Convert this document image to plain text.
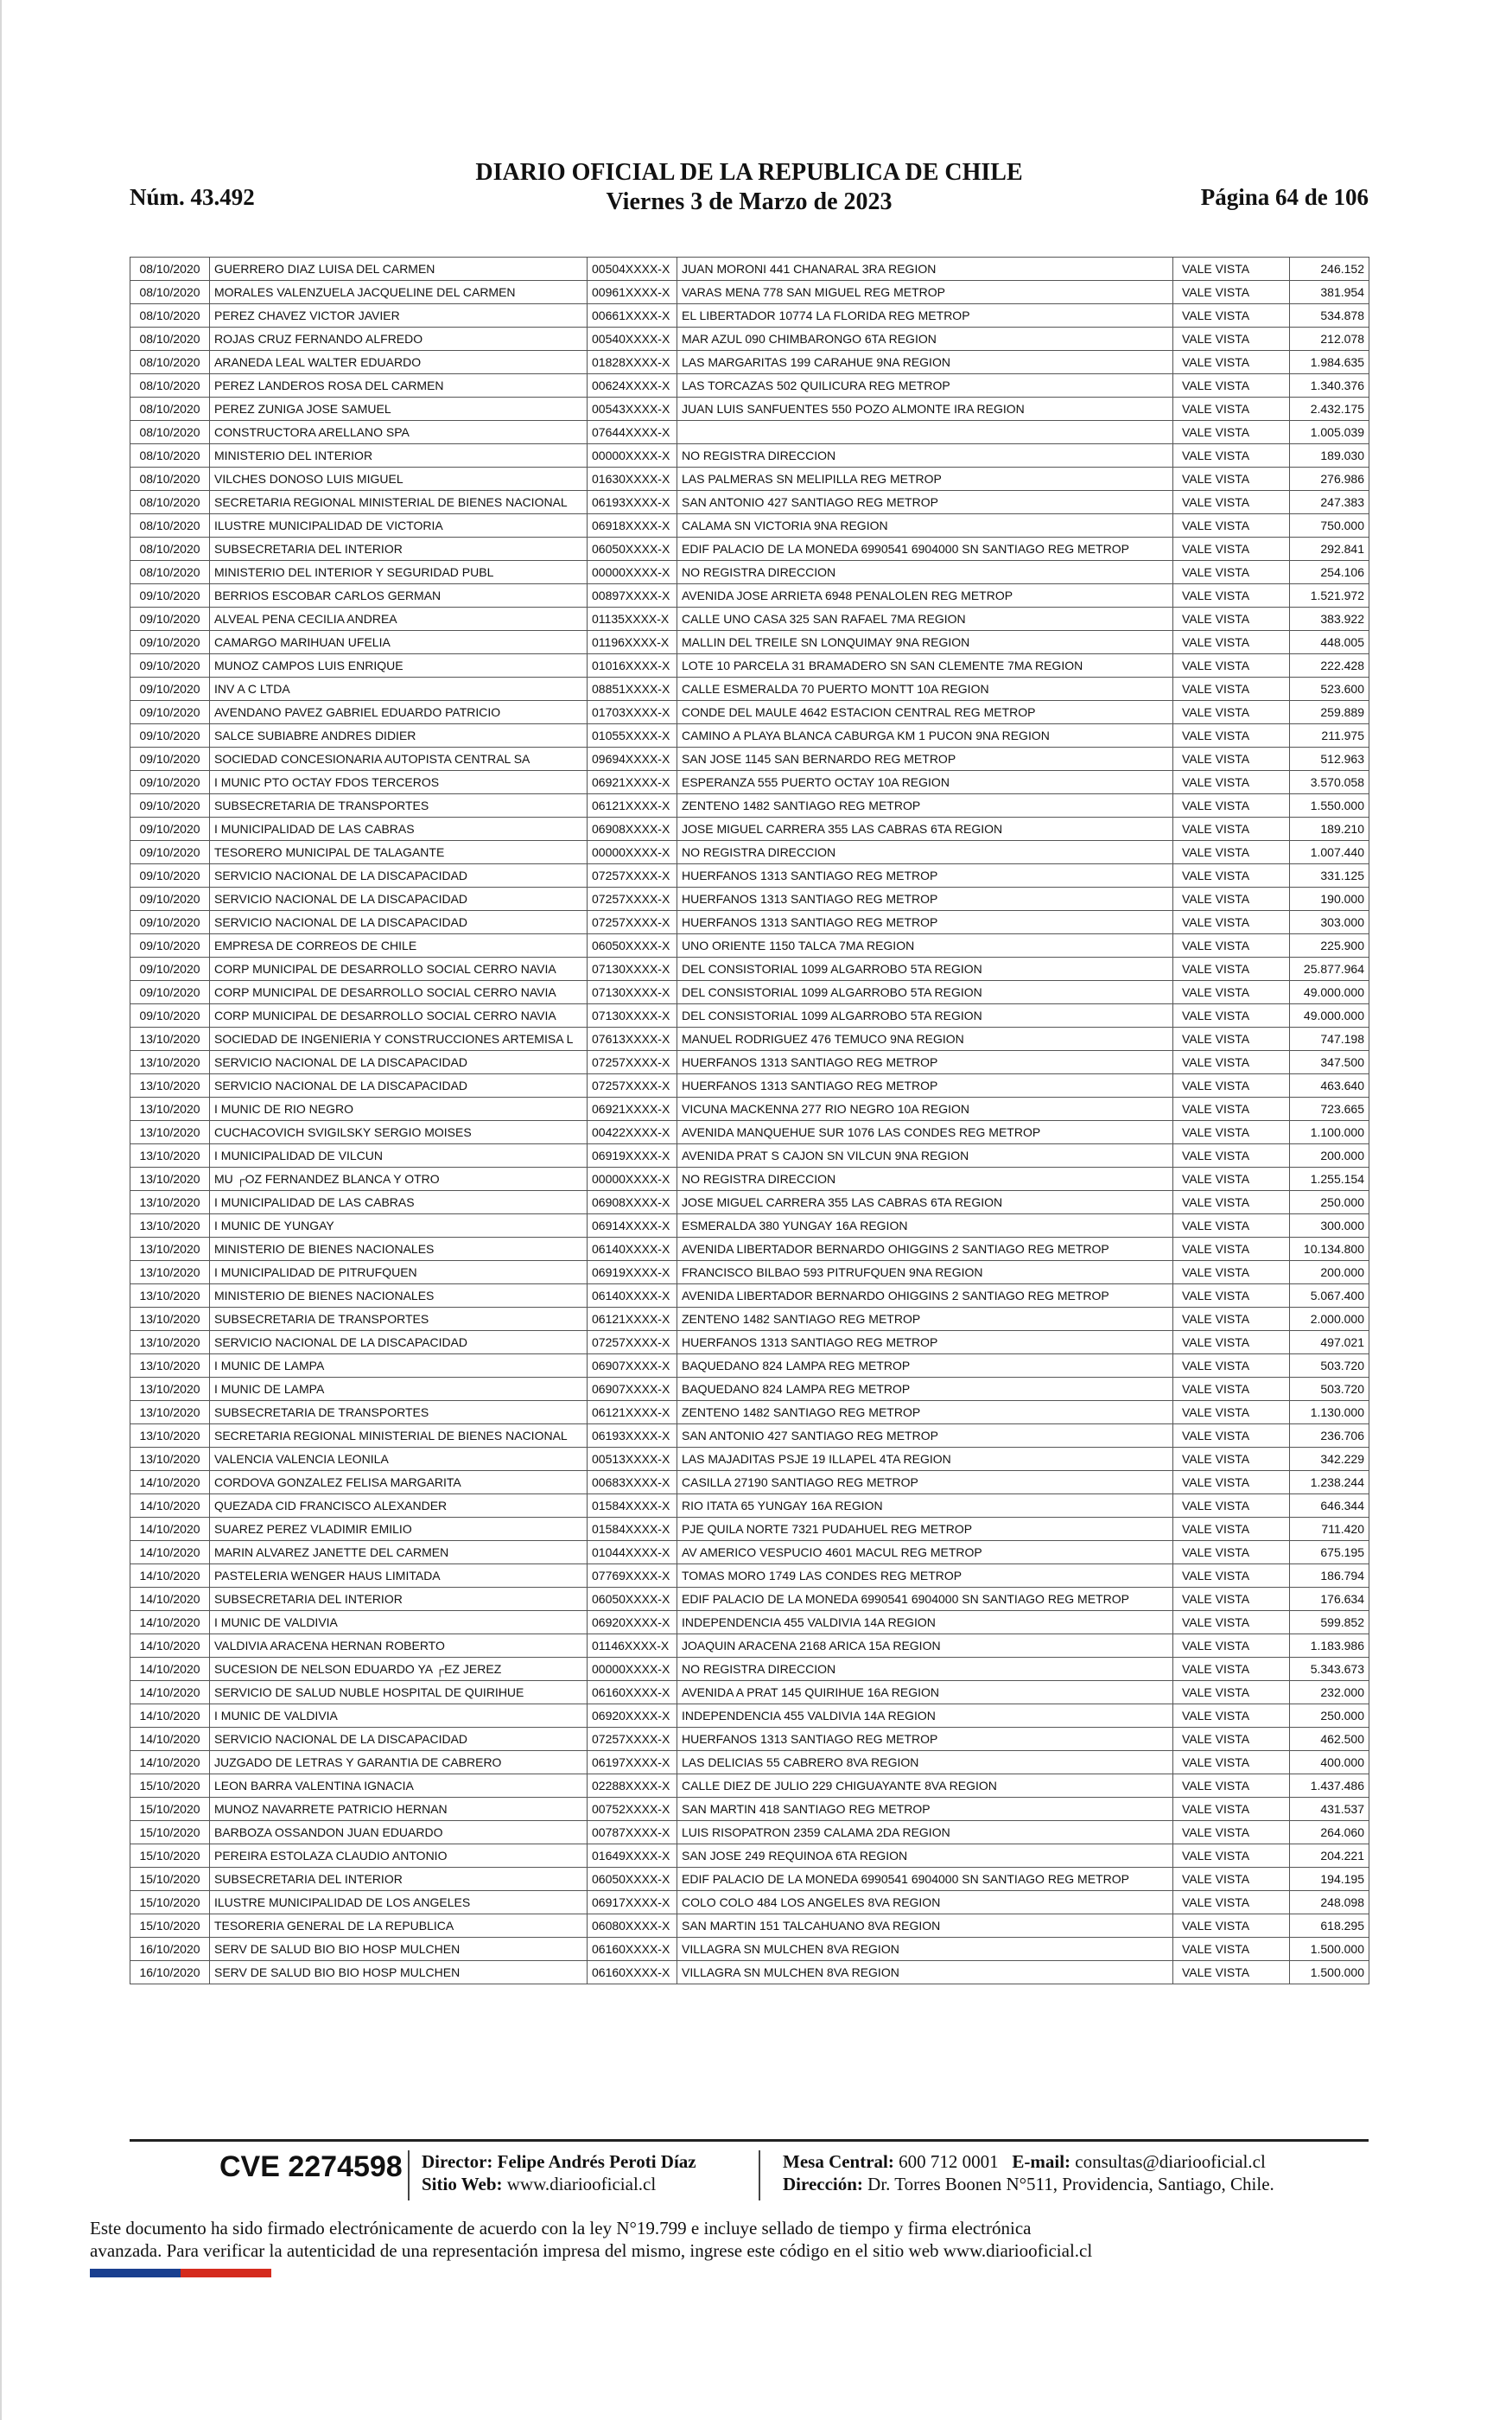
Núm. 43.492
DIARIO OFICIAL DE LA REPUBLICA DE CHILE
Viernes 3 de Marzo de 2023	Página 64 de 106
08/10/2020	GUERRERO DIAZ LUISA DEL CARMEN	00504XXXX-X	JUAN MORONI 441 CHANARAL 3RA REGION	VALE VISTA	246.152
08/10/2020	MORALES VALENZUELA JACQUELINE DEL CARMEN	00961XXXX-X	VARAS MENA 778 SAN MIGUEL REG METROP	VALE VISTA	381.954
08/10/2020	PEREZ CHAVEZ VICTOR JAVIER	00661XXXX-X	EL LIBERTADOR 10774 LA FLORIDA REG METROP	VALE VISTA	534.878
08/10/2020	ROJAS CRUZ FERNANDO ALFREDO	00540XXXX-X	MAR AZUL 090 CHIMBARONGO 6TA REGION	VALE VISTA	212.078
08/10/2020	ARANEDA LEAL WALTER EDUARDO	01828XXXX-X	LAS MARGARITAS 199 CARAHUE 9NA REGION	VALE VISTA	1.984.635
08/10/2020	PEREZ LANDEROS ROSA DEL CARMEN	00624XXXX-X	LAS TORCAZAS 502 QUILICURA REG METROP	VALE VISTA	1.340.376
08/10/2020	PEREZ ZUNIGA JOSE SAMUEL	00543XXXX-X	JUAN LUIS SANFUENTES 550 POZO ALMONTE IRA REGION	VALE VISTA	2.432.175
08/10/2020	CONSTRUCTORA ARELLANO SPA	07644XXXX-X		VALE VISTA	1.005.039
08/10/2020	MINISTERIO DEL INTERIOR	00000XXXX-X	NO REGISTRA DIRECCION	VALE VISTA	189.030
08/10/2020	VILCHES DONOSO LUIS MIGUEL	01630XXXX-X	LAS PALMERAS SN MELIPILLA REG METROP	VALE VISTA	276.986
08/10/2020	SECRETARIA REGIONAL MINISTERIAL DE BIENES NACIONAL	06193XXXX-X	SAN ANTONIO 427 SANTIAGO REG METROP	VALE VISTA	247.383
08/10/2020	ILUSTRE MUNICIPALIDAD DE VICTORIA	06918XXXX-X	CALAMA SN VICTORIA 9NA REGION	VALE VISTA	750.000
08/10/2020	SUBSECRETARIA DEL INTERIOR	06050XXXX-X	EDIF PALACIO DE LA MONEDA 6990541 6904000 SN SANTIAGO REG METROP	VALE VISTA	292.841
08/10/2020	MINISTERIO DEL INTERIOR Y SEGURIDAD PUBL	00000XXXX-X	NO REGISTRA DIRECCION	VALE VISTA	254.106
09/10/2020	BERRIOS ESCOBAR CARLOS GERMAN	00897XXXX-X	AVENIDA JOSE ARRIETA 6948 PENALOLEN REG METROP	VALE VISTA	1.521.972
09/10/2020	ALVEAL PENA CECILIA ANDREA	01135XXXX-X	CALLE UNO CASA 325 SAN RAFAEL 7MA REGION	VALE VISTA	383.922
09/10/2020	CAMARGO MARIHUAN UFELIA	01196XXXX-X	MALLIN DEL TREILE SN LONQUIMAY 9NA REGION	VALE VISTA	448.005
09/10/2020	MUNOZ CAMPOS LUIS ENRIQUE	01016XXXX-X	LOTE 10 PARCELA 31 BRAMADERO SN SAN CLEMENTE 7MA REGION	VALE VISTA	222.428
09/10/2020	INV A C LTDA	08851XXXX-X	CALLE ESMERALDA 70 PUERTO MONTT 10A REGION	VALE VISTA	523.600
09/10/2020	AVENDANO PAVEZ GABRIEL EDUARDO PATRICIO	01703XXXX-X	CONDE DEL MAULE 4642 ESTACION CENTRAL REG METROP	VALE VISTA	259.889
09/10/2020	SALCE SUBIABRE ANDRES DIDIER	01055XXXX-X	CAMINO A PLAYA BLANCA CABURGA KM 1 PUCON 9NA REGION	VALE VISTA	211.975
09/10/2020	SOCIEDAD CONCESIONARIA AUTOPISTA CENTRAL SA	09694XXXX-X	SAN JOSE 1145 SAN BERNARDO REG METROP	VALE VISTA	512.963
09/10/2020	I MUNIC PTO OCTAY FDOS TERCEROS	06921XXXX-X	ESPERANZA 555 PUERTO OCTAY 10A REGION	VALE VISTA	3.570.058
09/10/2020	SUBSECRETARIA DE TRANSPORTES	06121XXXX-X	ZENTENO 1482 SANTIAGO REG METROP	VALE VISTA	1.550.000
09/10/2020	I MUNICIPALIDAD DE LAS CABRAS	06908XXXX-X	JOSE MIGUEL CARRERA 355 LAS CABRAS 6TA REGION	VALE VISTA	189.210
09/10/2020	TESORERO MUNICIPAL DE TALAGANTE	00000XXXX-X	NO REGISTRA DIRECCION	VALE VISTA	1.007.440
09/10/2020	SERVICIO NACIONAL DE LA DISCAPACIDAD	07257XXXX-X	HUERFANOS 1313 SANTIAGO REG METROP	VALE VISTA	331.125
09/10/2020	SERVICIO NACIONAL DE LA DISCAPACIDAD	07257XXXX-X	HUERFANOS 1313 SANTIAGO REG METROP	VALE VISTA	190.000
09/10/2020	SERVICIO NACIONAL DE LA DISCAPACIDAD	07257XXXX-X	HUERFANOS 1313 SANTIAGO REG METROP	VALE VISTA	303.000
09/10/2020	EMPRESA DE CORREOS DE CHILE	06050XXXX-X	UNO ORIENTE 1150 TALCA 7MA REGION	VALE VISTA	225.900
09/10/2020	CORP MUNICIPAL DE DESARROLLO SOCIAL CERRO NAVIA	07130XXXX-X	DEL CONSISTORIAL 1099 ALGARROBO 5TA REGION	VALE VISTA	25.877.964
09/10/2020	CORP MUNICIPAL DE DESARROLLO SOCIAL CERRO NAVIA	07130XXXX-X	DEL CONSISTORIAL 1099 ALGARROBO 5TA REGION	VALE VISTA	49.000.000
09/10/2020	CORP MUNICIPAL DE DESARROLLO SOCIAL CERRO NAVIA	07130XXXX-X	DEL CONSISTORIAL 1099 ALGARROBO 5TA REGION	VALE VISTA	49.000.000
13/10/2020	SOCIEDAD DE INGENIERIA Y CONSTRUCCIONES ARTEMISA L	07613XXXX-X	MANUEL RODRIGUEZ 476 TEMUCO 9NA REGION	VALE VISTA	747.198
13/10/2020	SERVICIO NACIONAL DE LA DISCAPACIDAD	07257XXXX-X	HUERFANOS 1313 SANTIAGO REG METROP	VALE VISTA	347.500
13/10/2020	SERVICIO NACIONAL DE LA DISCAPACIDAD	07257XXXX-X	HUERFANOS 1313 SANTIAGO REG METROP	VALE VISTA	463.640
13/10/2020	I MUNIC DE RIO NEGRO	06921XXXX-X	VICUNA MACKENNA 277 RIO NEGRO 10A REGION	VALE VISTA	723.665
13/10/2020	CUCHACOVICH SVIGILSKY SERGIO MOISES	00422XXXX-X	AVENIDA MANQUEHUE SUR 1076 LAS CONDES REG METROP	VALE VISTA	1.100.000
13/10/2020	I MUNICIPALIDAD DE VILCUN	06919XXXX-X	AVENIDA PRAT S CAJON SN VILCUN 9NA REGION	VALE VISTA	200.000
13/10/2020	MU ┌OZ FERNANDEZ BLANCA Y OTRO	00000XXXX-X	NO REGISTRA DIRECCION	VALE VISTA	1.255.154
13/10/2020	I MUNICIPALIDAD DE LAS CABRAS	06908XXXX-X	JOSE MIGUEL CARRERA 355 LAS CABRAS 6TA REGION	VALE VISTA	250.000
13/10/2020	I MUNIC DE YUNGAY	06914XXXX-X	ESMERALDA 380 YUNGAY 16A REGION	VALE VISTA	300.000
13/10/2020	MINISTERIO DE BIENES NACIONALES	06140XXXX-X	AVENIDA LIBERTADOR BERNARDO OHIGGINS 2 SANTIAGO REG METROP	VALE VISTA	10.134.800
13/10/2020	I MUNICIPALIDAD DE PITRUFQUEN	06919XXXX-X	FRANCISCO BILBAO 593 PITRUFQUEN 9NA REGION	VALE VISTA	200.000
13/10/2020	MINISTERIO DE BIENES NACIONALES	06140XXXX-X	AVENIDA LIBERTADOR BERNARDO OHIGGINS 2 SANTIAGO REG METROP	VALE VISTA	5.067.400
13/10/2020	SUBSECRETARIA DE TRANSPORTES	06121XXXX-X	ZENTENO 1482 SANTIAGO REG METROP	VALE VISTA	2.000.000
13/10/2020	SERVICIO NACIONAL DE LA DISCAPACIDAD	07257XXXX-X	HUERFANOS 1313 SANTIAGO REG METROP	VALE VISTA	497.021
13/10/2020	I MUNIC DE LAMPA	06907XXXX-X	BAQUEDANO 824 LAMPA REG METROP	VALE VISTA	503.720
13/10/2020	I MUNIC DE LAMPA	06907XXXX-X	BAQUEDANO 824 LAMPA REG METROP	VALE VISTA	503.720
13/10/2020	SUBSECRETARIA DE TRANSPORTES	06121XXXX-X	ZENTENO 1482 SANTIAGO REG METROP	VALE VISTA	1.130.000
13/10/2020	SECRETARIA REGIONAL MINISTERIAL DE BIENES NACIONAL	06193XXXX-X	SAN ANTONIO 427 SANTIAGO REG METROP	VALE VISTA	236.706
13/10/2020	VALENCIA VALENCIA LEONILA	00513XXXX-X	LAS MAJADITAS PSJE 19 ILLAPEL 4TA REGION	VALE VISTA	342.229
14/10/2020	CORDOVA GONZALEZ FELISA MARGARITA	00683XXXX-X	CASILLA 27190 SANTIAGO REG METROP	VALE VISTA	1.238.244
14/10/2020	QUEZADA CID FRANCISCO ALEXANDER	01584XXXX-X	RIO ITATA 65 YUNGAY 16A REGION	VALE VISTA	646.344
14/10/2020	SUAREZ PEREZ VLADIMIR EMILIO	01584XXXX-X	PJE QUILA NORTE 7321 PUDAHUEL REG METROP	VALE VISTA	711.420
14/10/2020	MARIN ALVAREZ JANETTE DEL CARMEN	01044XXXX-X	AV AMERICO VESPUCIO 4601 MACUL REG METROP	VALE VISTA	675.195
14/10/2020	PASTELERIA WENGER HAUS LIMITADA	07769XXXX-X	TOMAS MORO 1749 LAS CONDES REG METROP	VALE VISTA	186.794
14/10/2020	SUBSECRETARIA DEL INTERIOR	06050XXXX-X	EDIF PALACIO DE LA MONEDA 6990541 6904000 SN SANTIAGO REG METROP	VALE VISTA	176.634
14/10/2020	I MUNIC DE VALDIVIA	06920XXXX-X	INDEPENDENCIA 455 VALDIVIA 14A REGION	VALE VISTA	599.852
14/10/2020	VALDIVIA ARACENA HERNAN ROBERTO	01146XXXX-X	JOAQUIN ARACENA 2168 ARICA 15A REGION	VALE VISTA	1.183.986
14/10/2020	SUCESION DE NELSON EDUARDO YA ┌EZ JEREZ	00000XXXX-X	NO REGISTRA DIRECCION	VALE VISTA	5.343.673
14/10/2020	SERVICIO DE SALUD NUBLE HOSPITAL DE QUIRIHUE	06160XXXX-X	AVENIDA A PRAT 145 QUIRIHUE 16A REGION	VALE VISTA	232.000
14/10/2020	I MUNIC DE VALDIVIA	06920XXXX-X	INDEPENDENCIA 455 VALDIVIA 14A REGION	VALE VISTA	250.000
14/10/2020	SERVICIO NACIONAL DE LA DISCAPACIDAD	07257XXXX-X	HUERFANOS 1313 SANTIAGO REG METROP	VALE VISTA	462.500
14/10/2020	JUZGADO DE LETRAS Y GARANTIA DE CABRERO	06197XXXX-X	LAS DELICIAS 55 CABRERO 8VA REGION	VALE VISTA	400.000
15/10/2020	LEON BARRA VALENTINA IGNACIA	02288XXXX-X	CALLE DIEZ DE JULIO 229 CHIGUAYANTE 8VA REGION	VALE VISTA	1.437.486
15/10/2020	MUNOZ NAVARRETE PATRICIO HERNAN	00752XXXX-X	SAN MARTIN 418 SANTIAGO REG METROP	VALE VISTA	431.537
15/10/2020	BARBOZA OSSANDON JUAN EDUARDO	00787XXXX-X	LUIS RISOPATRON 2359 CALAMA 2DA REGION	VALE VISTA	264.060
15/10/2020	PEREIRA ESTOLAZA CLAUDIO ANTONIO	01649XXXX-X	SAN JOSE 249 REQUINOA 6TA REGION	VALE VISTA	204.221
15/10/2020	SUBSECRETARIA DEL INTERIOR	06050XXXX-X	EDIF PALACIO DE LA MONEDA 6990541 6904000 SN SANTIAGO REG METROP	VALE VISTA	194.195
15/10/2020	ILUSTRE MUNICIPALIDAD DE LOS ANGELES	06917XXXX-X	COLO COLO 484 LOS ANGELES 8VA REGION	VALE VISTA	248.098
15/10/2020	TESORERIA GENERAL DE LA REPUBLICA	06080XXXX-X	SAN MARTIN 151 TALCAHUANO 8VA REGION	VALE VISTA	618.295
16/10/2020	SERV DE SALUD BIO BIO HOSP MULCHEN	06160XXXX-X	VILLAGRA SN MULCHEN 8VA REGION	VALE VISTA	1.500.000
16/10/2020	SERV DE SALUD BIO BIO HOSP MULCHEN	06160XXXX-X	VILLAGRA SN MULCHEN 8VA REGION	VALE VISTA	1.500.000
CVE 2274598 Director: Felipe Andrés Peroti Díaz
Sitio Web: www.diariooficial.cl
Mesa Central: 600 712 0001 E-mail: consultas@diariooficial.cl
Dirección: Dr. Torres Boonen N°511, Providencia, Santiago, Chile.
Este documento ha sido firmado electrónicamente de acuerdo con la ley N°19.799 e incluye sellado de tiempo y firma electrónica
avanzada. Para verificar la autenticidad de una representación impresa del mismo, ingrese este código en el sitio web www.diariooficial.cl
